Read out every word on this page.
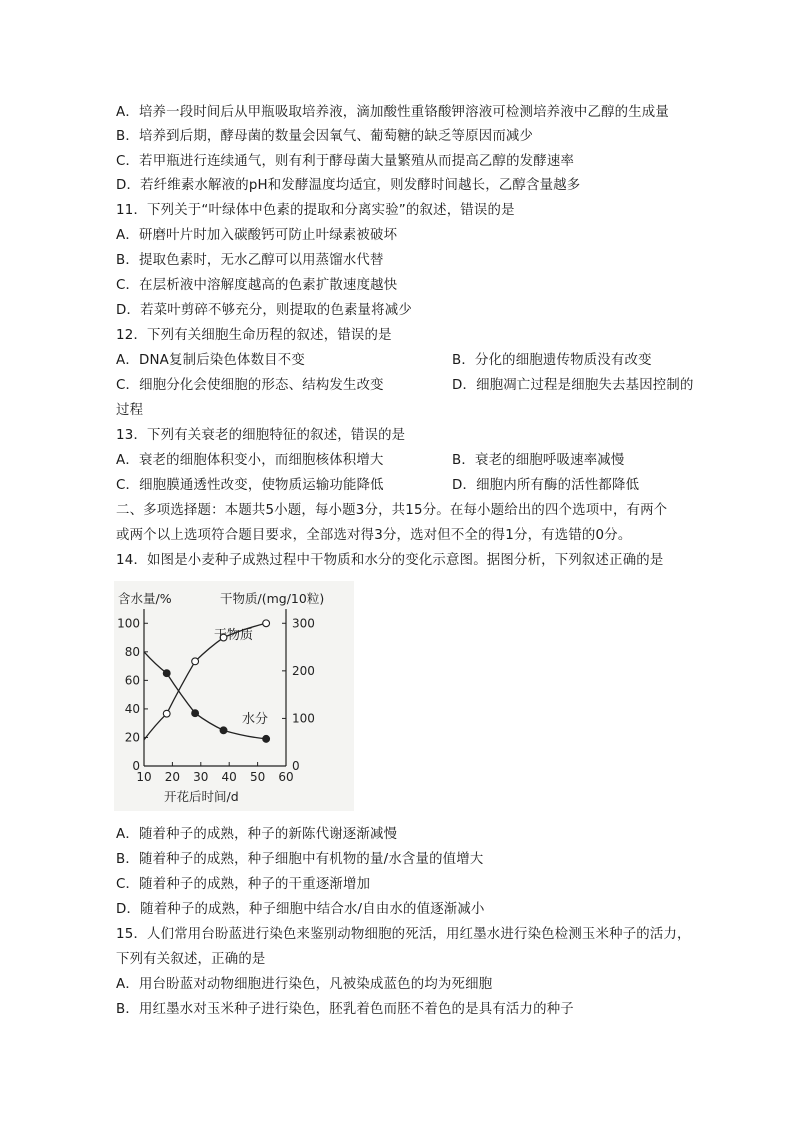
A．培养一段时间后从甲瓶吸取培养液，滴加酸性重铬酸钾溶液可检测培养液中乙醇的生成量
B．培养到后期，酵母菌的数量会因氧气、葡萄糖的缺乏等原因而减少
C．若甲瓶进行连续通气，则有利于酵母菌大量繁殖从而提高乙醇的发酵速率
D．若纤维素水解液的pH和发酵温度均适宜，则发酵时间越长，乙醇含量越多
11．下列关于“叶绿体中色素的提取和分离实验”的叙述，错误的是
A．研磨叶片时加入碳酸钙可防止叶绿素被破坏
B．提取色素时，无水乙醇可以用蒸馏水代替
C．在层析液中溶解度越高的色素扩散速度越快
D．若菜叶剪碎不够充分，则提取的色素量将减少
12．下列有关细胞生命历程的叙述，错误的是
A．DNA复制后染色体数目不变	B．分化的细胞遗传物质没有改变
C．细胞分化会使细胞的形态、结构发生改变	D．细胞凋亡过程是细胞失去基因控制的
过程
13．下列有关衰老的细胞特征的叙述，错误的是
A．衰老的细胞体积变小，而细胞核体积增大	B．衰老的细胞呼吸速率减慢
C．细胞膜通透性改变，使物质运输功能降低	D．细胞内所有酶的活性都降低
二、多项选择题：本题共5小题，每小题3分，共15分。在每小题给出的四个选项中，有两个
或两个以上选项符合题目要求，全部选对得3分，选对但不全的得1分，有选错的0分。
14．如图是小麦种子成熟过程中干物质和水分的变化示意图。据图分析，下列叙述正确的是
含水量/%	干物质/(mg/10粒)
开花后时间/d
10 20 30 40 50 60
0
20
40
60
80
100
0
100
200
300
干物质
水分
A．随着种子的成熟，种子的新陈代谢逐渐减慢
B．随着种子的成熟，种子细胞中有机物的量/水含量的值增大
C．随着种子的成熟，种子的干重逐渐增加
D．随着种子的成熟，种子细胞中结合水/自由水的值逐渐减小
15．人们常用台盼蓝进行染色来鉴别动物细胞的死活，用红墨水进行染色检测玉米种子的活力，
下列有关叙述，正确的是
A．用台盼蓝对动物细胞进行染色，凡被染成蓝色的均为死细胞
B．用红墨水对玉米种子进行染色，胚乳着色而胚不着色的是具有活力的种子
